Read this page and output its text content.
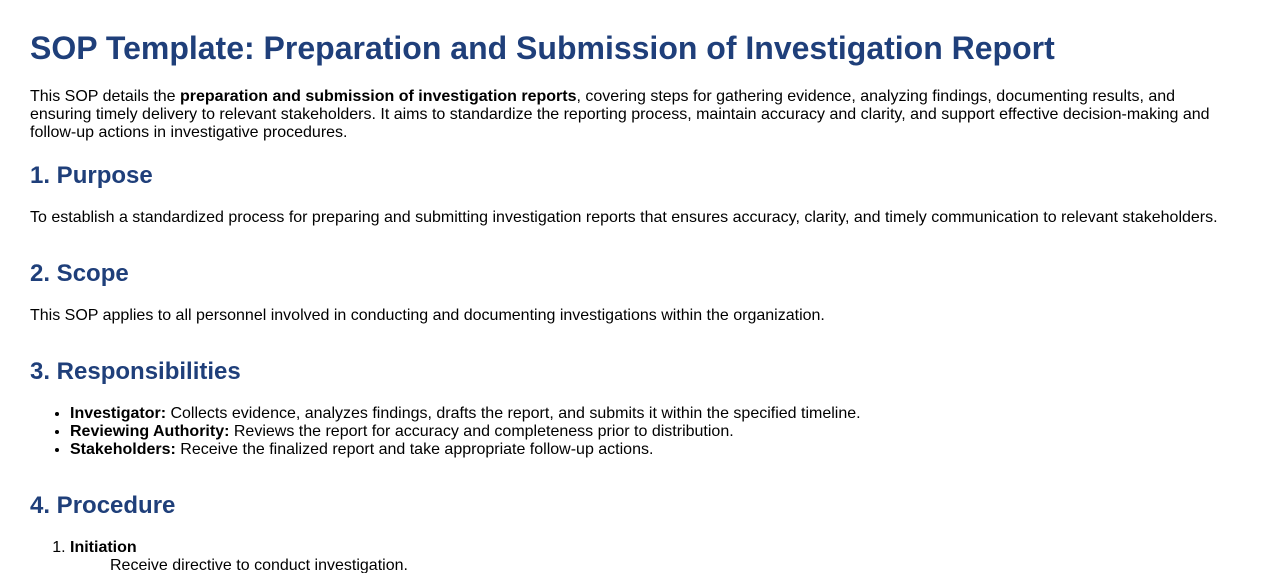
SOP Template: Preparation and Submission of Investigation Report

This SOP details the preparation and submission of investigation reports, covering steps for gathering evidence, analyzing findings, documenting results, and ensuring timely delivery to relevant stakeholders. It aims to standardize the reporting process, maintain accuracy and clarity, and support effective decision-making and follow-up actions in investigative procedures.

1. Purpose

To establish a standardized process for preparing and submitting investigation reports that ensures accuracy, clarity, and timely communication to relevant stakeholders.

2. Scope

This SOP applies to all personnel involved in conducting and documenting investigations within the organization.

3. Responsibilities
• Investigator: Collects evidence, analyzes findings, drafts the report, and submits it within the specified timeline.
• Reviewing Authority: Reviews the report for accuracy and completeness prior to distribution.
• Stakeholders: Receive the finalized report and take appropriate follow-up actions.
4. Procedure
1. Initiation
Receive directive to conduct investigation.
